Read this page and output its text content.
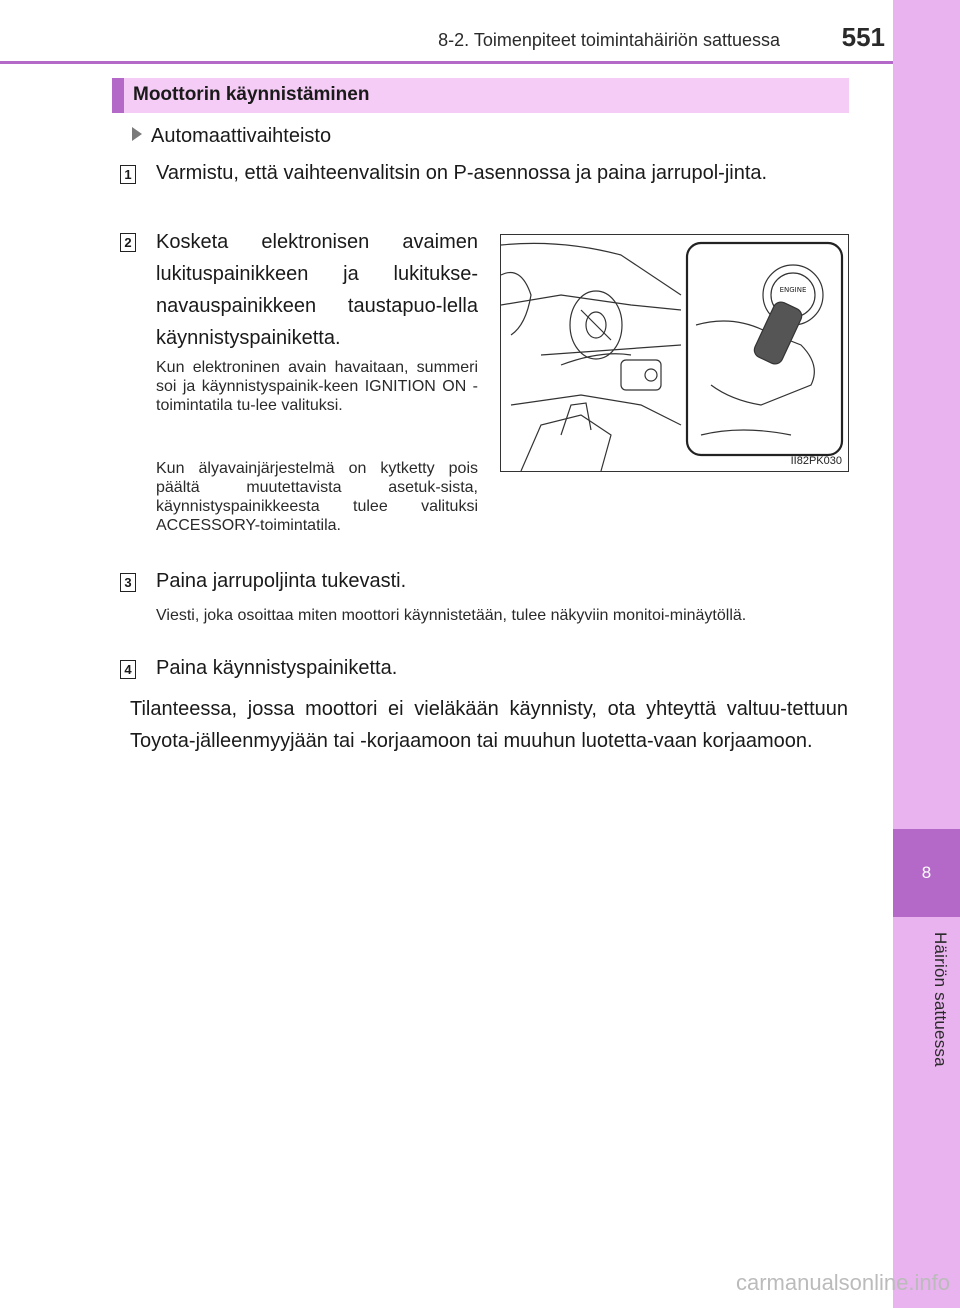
8
Häiriön sattuessa
8-2. Toimenpiteet toimintahäiriön sattuessa	551
Moottorin käynnistäminen
Automaattivaihteisto
1 Varmistu, että vaihteenvalitsin on P-asennossa ja paina jarrupol-jinta.
2 Kosketa elektronisen avaimen lukituspainikkeen ja lukitukse-navauspainikkeen taustapuo-lella käynnistyspainiketta.
Kun elektroninen avain havaitaan, summeri soi ja käynnistyspainik-keen IGNITION ON -toimintatila tu-lee valituksi.
Kun älyavainjärjestelmä on kytketty pois päältä muutettavista asetuk-sista, käynnistyspainikkeesta tulee valituksi ACCESSORY-toimintatila.
ENGINE
II82PK030
3 Paina jarrupoljinta tukevasti.
Viesti, joka osoittaa miten moottori käynnistetään, tulee näkyviin monitoi-minäytöllä.
4 Paina käynnistyspainiketta.
Tilanteessa, jossa moottori ei vieläkään käynnisty, ota yhteyttä valtuu-tettuun Toyota-jälleenmyyjään tai -korjaamoon tai muuhun luotetta-vaan korjaamoon.
carmanualsonline.info
